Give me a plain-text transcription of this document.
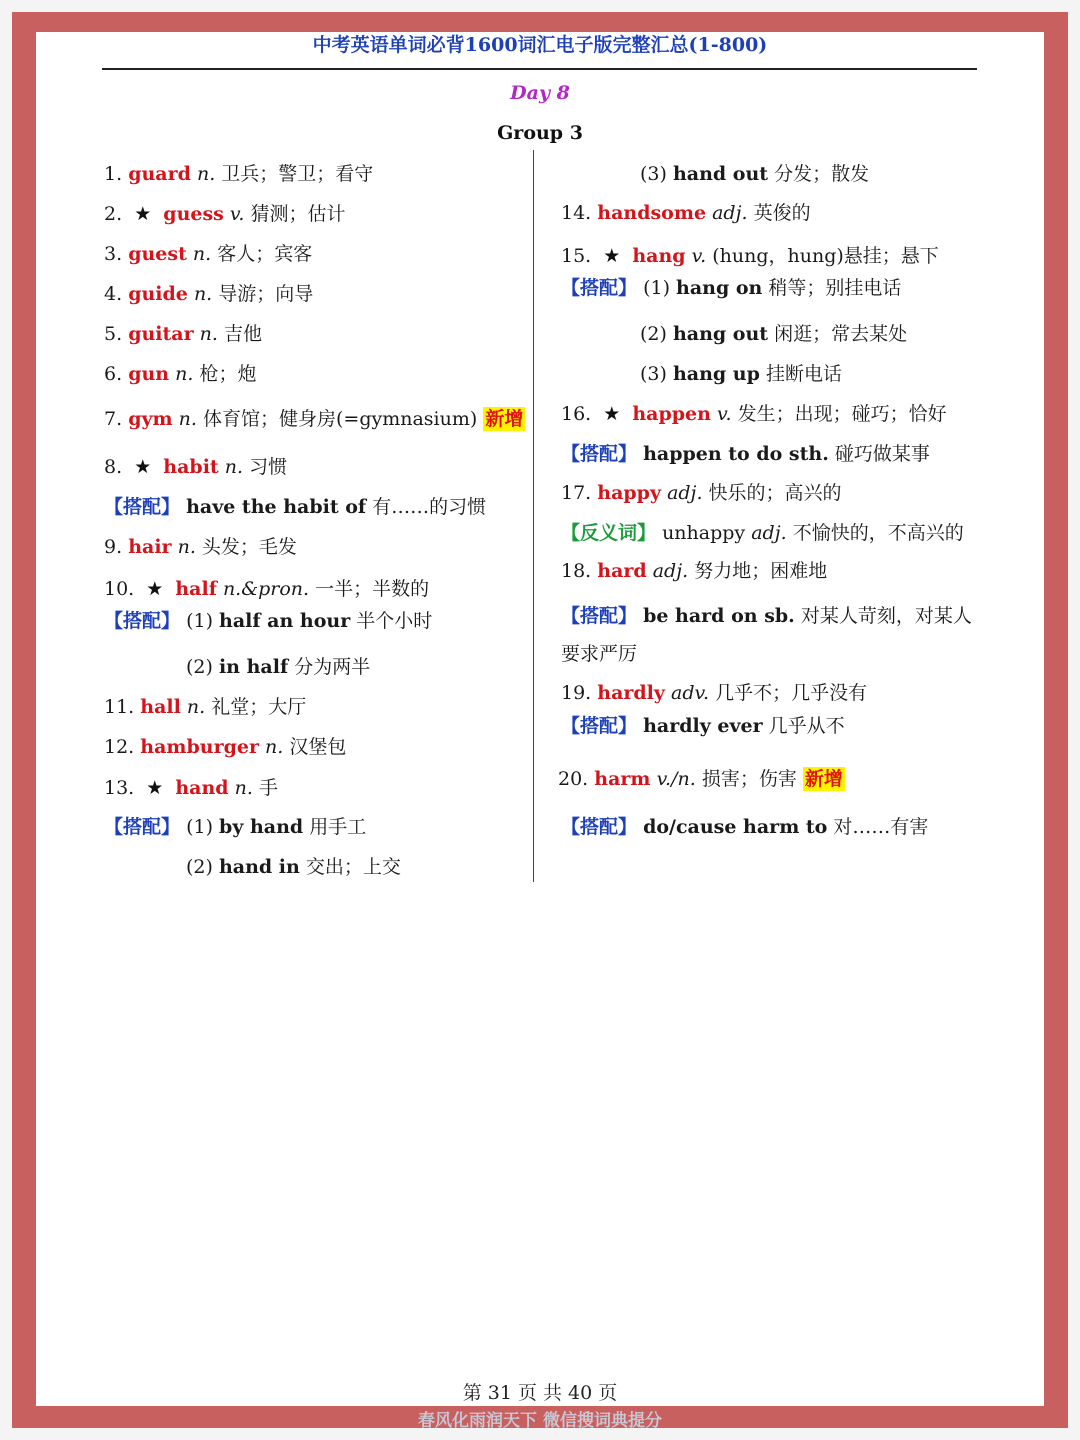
中考英语单词必背1600词汇电子版完整汇总(1-800)
Day 8
Group 3
1. guard n. 卫兵；警卫；看守
2. ★ guess v. 猜测；估计
3. guest n. 客人；宾客
4. guide n. 导游；向导
5. guitar n. 吉他
6. gun n. 枪；炮
7. gym n. 体育馆；健身房(=gymnasium) 新增
8. ★ habit n. 习惯
【搭配】 have the habit of 有……的习惯
9. hair n. 头发；毛发
10. ★ half n.&pron. 一半；半数的
【搭配】 (1) half an hour 半个小时
(2) in half 分为两半
11. hall n. 礼堂；大厅
12. hamburger n. 汉堡包
13. ★ hand n. 手
【搭配】 (1) by hand 用手工
(2) hand in 交出；上交
(3) hand out 分发；散发
14. handsome adj. 英俊的
15. ★ hang v. (hung，hung)悬挂；悬下
【搭配】 (1) hang on 稍等；别挂电话
(2) hang out 闲逛；常去某处
(3) hang up 挂断电话
16. ★ happen v. 发生；出现；碰巧；恰好
【搭配】 happen to do sth. 碰巧做某事
17. happy adj. 快乐的；高兴的
【反义词】 unhappy adj. 不愉快的，不高兴的
18. hard adj. 努力地；困难地
【搭配】 be hard on sb. 对某人苛刻，对某人
要求严厉
19. hardly adv. 几乎不；几乎没有
【搭配】 hardly ever 几乎从不
20. harm v./n. 损害；伤害 新增
【搭配】 do/cause harm to 对……有害
第 31 页 共 40 页
春风化雨润天下 微信搜词典提分
